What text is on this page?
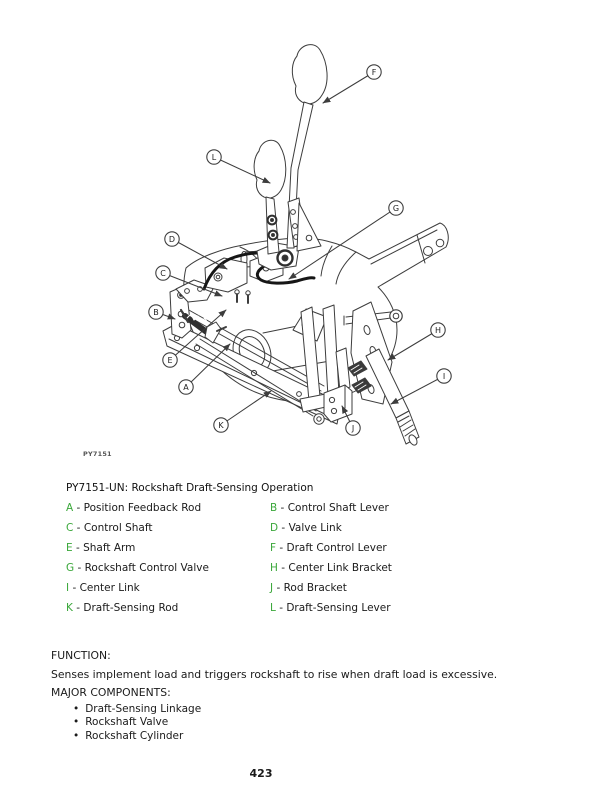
A
B
C
D
E
F
G
H
I
J
K
L
PY7151
PY7151-UN: Rockshaft Draft-Sensing Operation
A - Position Feedback Rod	B - Control Shaft Lever
C - Control Shaft	D - Valve Link
E - Shaft Arm	F - Draft Control Lever
G - Rockshaft Control Valve	H - Center Link Bracket
I - Center Link	J - Rod Bracket
K - Draft-Sensing Rod	L - Draft-Sensing Lever
FUNCTION:
Senses implement load and triggers rockshaft to rise when draft load is excessive.
MAJOR COMPONENTS:
• Draft-Sensing Linkage
• Rockshaft Valve
• Rockshaft Cylinder
423
